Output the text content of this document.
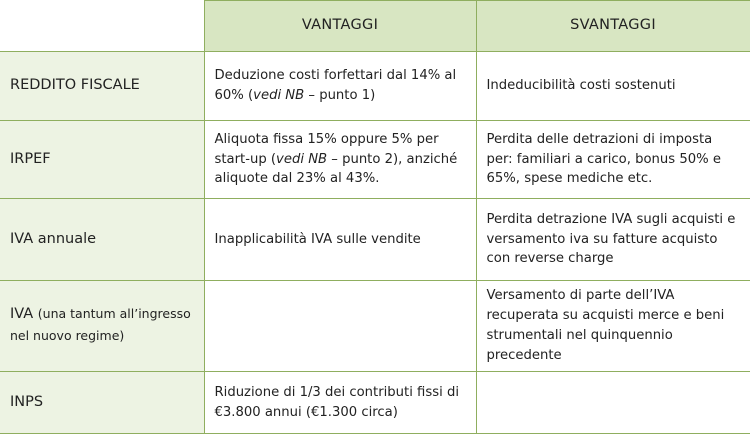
	VANTAGGI	SVANTAGGI
REDDITO FISCALE	Deduzione costi forfettari dal 14% al 60% (vedi NB – punto 1)	Indeducibilità costi sostenuti
IRPEF	Aliquota fissa 15% oppure 5% per start-up (vedi NB – punto 2), anziché aliquote dal 23% al 43%.	Perdita delle detrazioni di imposta per: familiari a carico, bonus 50% e 65%, spese mediche etc.
IVA annuale	Inapplicabilità IVA sulle vendite	Perdita detrazione IVA sugli acquisti e versamento iva su fatture acquisto con reverse charge
IVA (una tantum all’ingresso nel nuovo regime)		Versamento di parte dell’IVA recuperata su acquisti merce e beni strumentali nel quinquennio precedente
INPS	Riduzione di 1/3 dei contributi fissi di €3.800 annui (€1.300 circa)	
